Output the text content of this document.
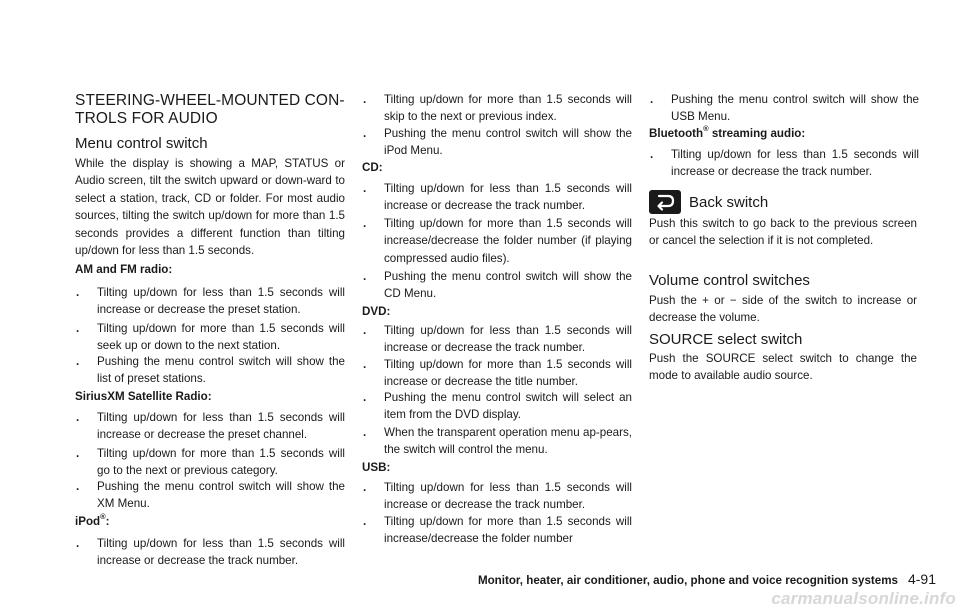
STEERING-WHEEL-MOUNTED CON-
TROLS FOR AUDIO
Menu control switch

While the display is showing a MAP, STATUS or Audio screen, tilt the switch upward or down-ward to select a station, track, CD or folder. For most audio sources, tilting the switch up/down for more than 1.5 seconds provides a different function than tilting up/down for less than 1.5 seconds.

AM and FM radio:
. Tilting up/down for less than 1.5 seconds will increase or decrease the preset station.
. Tilting up/down for more than 1.5 seconds will seek up or down to the next station.
. Pushing the menu control switch will show the list of preset stations.
SiriusXM Satellite Radio:
. Tilting up/down for less than 1.5 seconds will increase or decrease the preset channel.
. Tilting up/down for more than 1.5 seconds will go to the next or previous category.
. Pushing the menu control switch will show the XM Menu.
iPod®:
. Tilting up/down for less than 1.5 seconds will increase or decrease the track number.
. Tilting up/down for more than 1.5 seconds will skip to the next or previous index.
. Pushing the menu control switch will show the iPod Menu.
CD:
. Tilting up/down for less than 1.5 seconds will increase or decrease the track number.
. Tilting up/down for more than 1.5 seconds will increase/decrease the folder number (if playing compressed audio files).
. Pushing the menu control switch will show the CD Menu.
DVD:
. Tilting up/down for less than 1.5 seconds will increase or decrease the track number.
. Tilting up/down for more than 1.5 seconds will increase or decrease the title number.
. Pushing the menu control switch will select an item from the DVD display.
. When the transparent operation menu ap-pears, the switch will control the menu.
USB:
. Tilting up/down for less than 1.5 seconds will increase or decrease the track number.
. Tilting up/down for more than 1.5 seconds will increase/decrease the folder number
. Pushing the menu control switch will show the USB Menu.
Bluetooth® streaming audio:
. Tilting up/down for less than 1.5 seconds will increase or decrease the track number.
Back switch

Push this switch to go back to the previous screen or cancel the selection if it is not completed.

Volume control switches

Push the + or − side of the switch to increase or decrease the volume.

SOURCE select switch

Push the SOURCE select switch to change the mode to available audio source.

Monitor, heater, air conditioner, audio, phone and voice recognition systems 4-91
carmanualsonline.info
